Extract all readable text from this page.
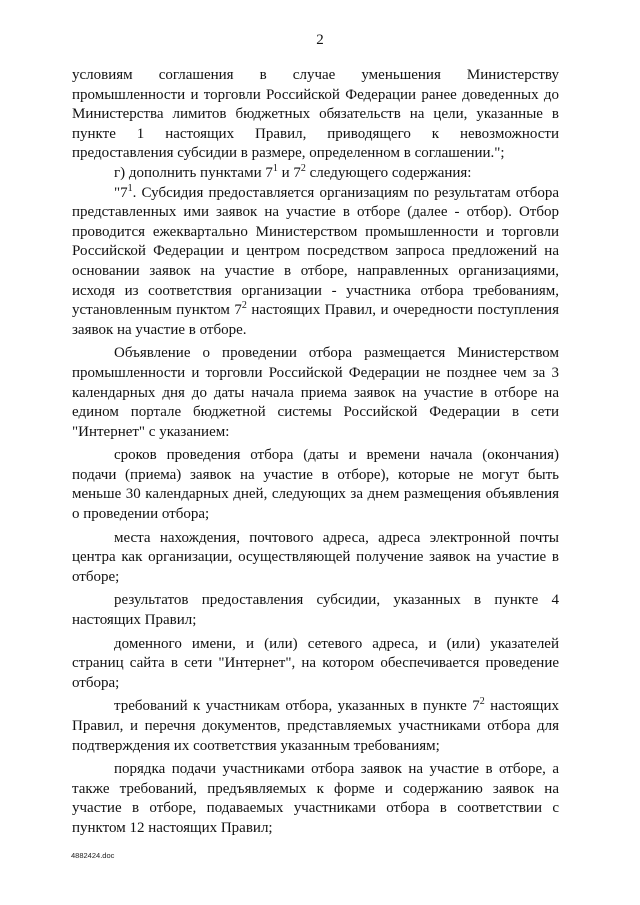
2

условиям соглашения в случае уменьшения Министерству промышленности и торговли Российской Федерации ранее доведенных до Министерства лимитов бюджетных обязательств на цели, указанные в пункте 1 настоящих Правил, приводящего к невозможности предоставления субсидии в размере, определенном в соглашении.";

г) дополнить пунктами $7^1$ и $7^2$ следующего содержания:

"$7^1$. Субсидия предоставляется организациям по результатам отбора представленных ими заявок на участие в отборе (далее - отбор). Отбор проводится ежеквартально Министерством промышленности и торговли Российской Федерации и центром посредством запроса предложений на основании заявок на участие в отборе, направленных организациями, исходя из соответствия организации - участника отбора требованиям, установленным пунктом $7^2$ настоящих Правил, и очередности поступления заявок на участие в отборе.

Объявление о проведении отбора размещается Министерством промышленности и торговли Российской Федерации не позднее чем за 3 календарных дня до даты начала приема заявок на участие в отборе на едином портале бюджетной системы Российской Федерации в сети "Интернет" с указанием:

сроков проведения отбора (даты и времени начала (окончания) подачи (приема) заявок на участие в отборе), которые не могут быть меньше 30 календарных дней, следующих за днем размещения объявления о проведении отбора;

места нахождения, почтового адреса, адреса электронной почты центра как организации, осуществляющей получение заявок на участие в отборе;

результатов предоставления субсидии, указанных в пункте 4 настоящих Правил;

доменного имени, и (или) сетевого адреса, и (или) указателей страниц сайта в сети "Интернет", на котором обеспечивается проведение отбора;

требований к участникам отбора, указанных в пункте $7^2$ настоящих Правил, и перечня документов, представляемых участниками отбора для подтверждения их соответствия указанным требованиям;

порядка подачи участниками отбора заявок на участие в отборе, а также требований, предъявляемых к форме и содержанию заявок на участие в отборе, подаваемых участниками отбора в соответствии с пунктом 12 настоящих Правил;

4882424.doc
